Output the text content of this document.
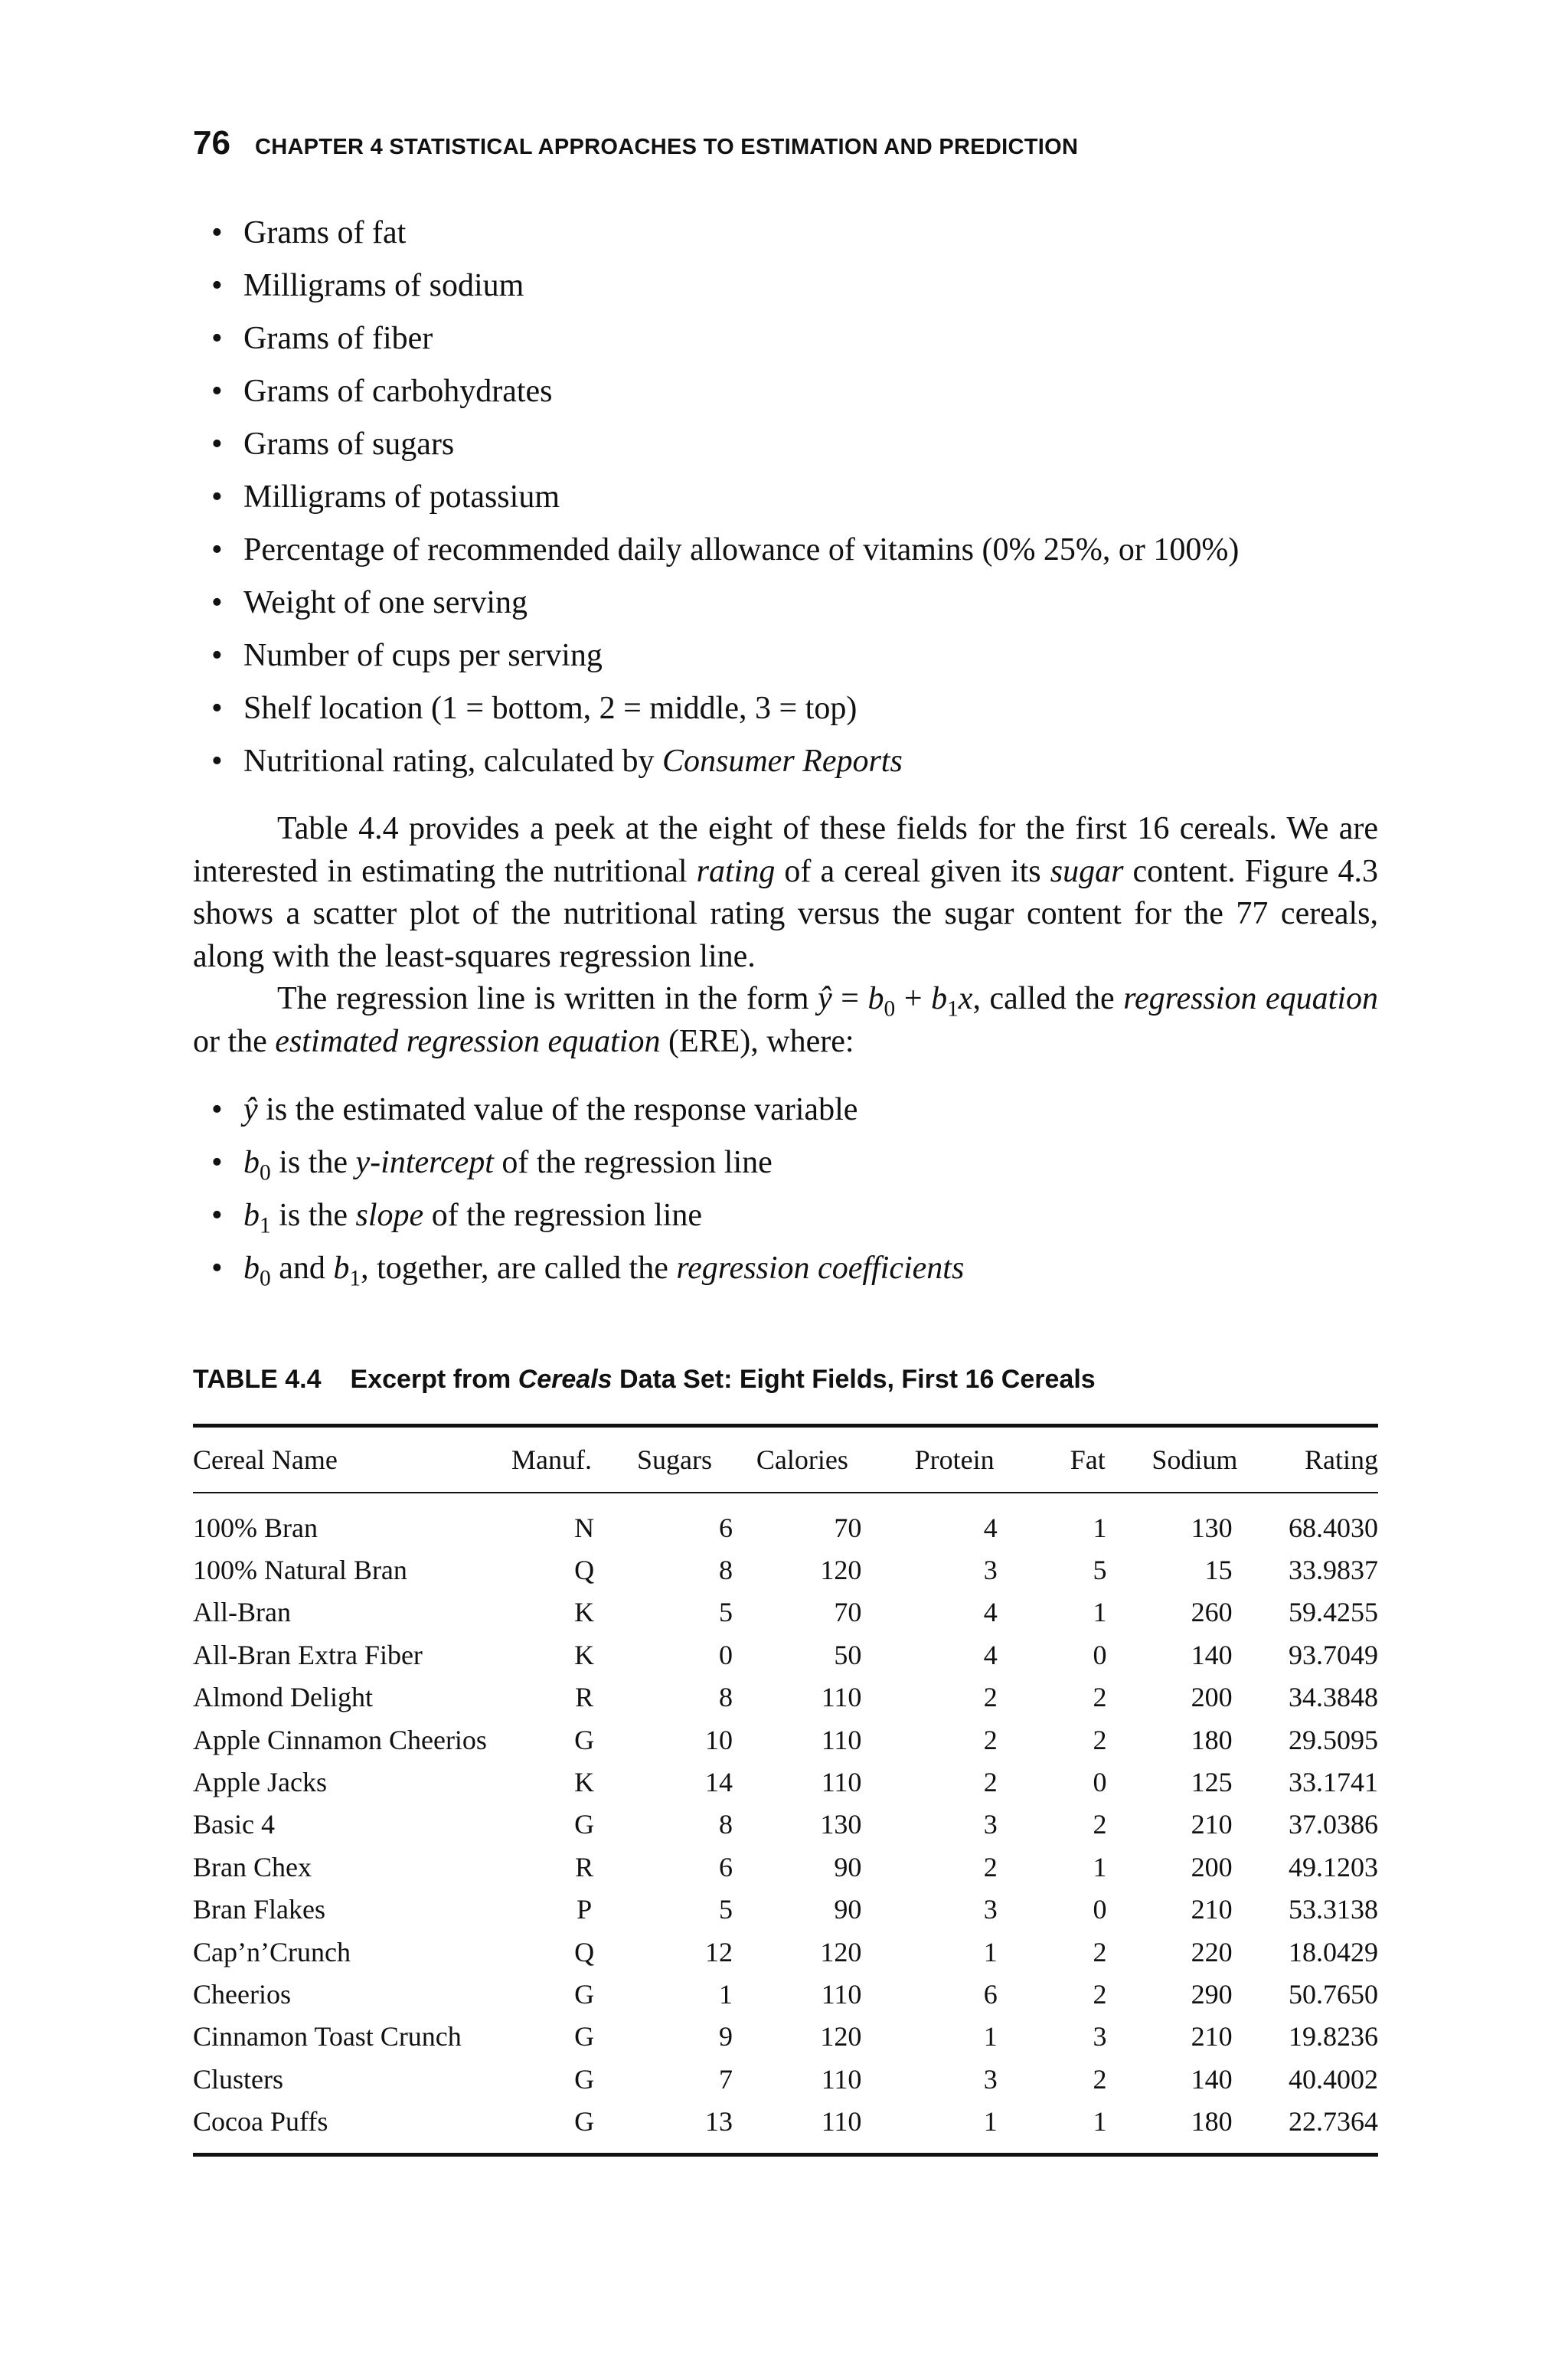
76 CHAPTER 4 STATISTICAL APPROACHES TO ESTIMATION AND PREDICTION
• Grams of fat
• Milligrams of sodium
• Grams of fiber
• Grams of carbohydrates
• Grams of sugars
• Milligrams of potassium
• Percentage of recommended daily allowance of vitamins (0% 25%, or 100%)
• Weight of one serving
• Number of cups per serving
• Shelf location (1 = bottom, 2 = middle, 3 = top)
• Nutritional rating, calculated by Consumer Reports

Table 4.4 provides a peek at the eight of these fields for the first 16 cereals. We are interested in estimating the nutritional rating of a cereal given its sugar content. Figure 4.3 shows a scatter plot of the nutritional rating versus the sugar content for the 77 cereals, along with the least-squares regression line.

The regression line is written in the form ŷ = $b_0 + b_1x$, called the regression equation or the estimated regression equation (ERE), where:

• ŷ is the estimated value of the response variable
• $b_0$ is the y-intercept of the regression line
• $b_1$ is the slope of the regression line
• $b_0$ and $b_1$, together, are called the regression coefficients
TABLE 4.4 Excerpt from Cereals Data Set: Eight Fields, First 16 Cereals
Cereal Name	Manuf.	Sugars	Calories	Protein	Fat	Sodium	Rating
100% Bran	N	6	70	4	1	130	68.4030
100% Natural Bran	Q	8	120	3	5	15	33.9837
All-Bran	K	5	70	4	1	260	59.4255
All-Bran Extra Fiber	K	0	50	4	0	140	93.7049
Almond Delight	R	8	110	2	2	200	34.3848
Apple Cinnamon Cheerios	G	10	110	2	2	180	29.5095
Apple Jacks	K	14	110	2	0	125	33.1741
Basic 4	G	8	130	3	2	210	37.0386
Bran Chex	R	6	90	2	1	200	49.1203
Bran Flakes	P	5	90	3	0	210	53.3138
Cap’n’Crunch	Q	12	120	1	2	220	18.0429
Cheerios	G	1	110	6	2	290	50.7650
Cinnamon Toast Crunch	G	9	120	1	3	210	19.8236
Clusters	G	7	110	3	2	140	40.4002
Cocoa Puffs	G	13	110	1	1	180	22.7364
